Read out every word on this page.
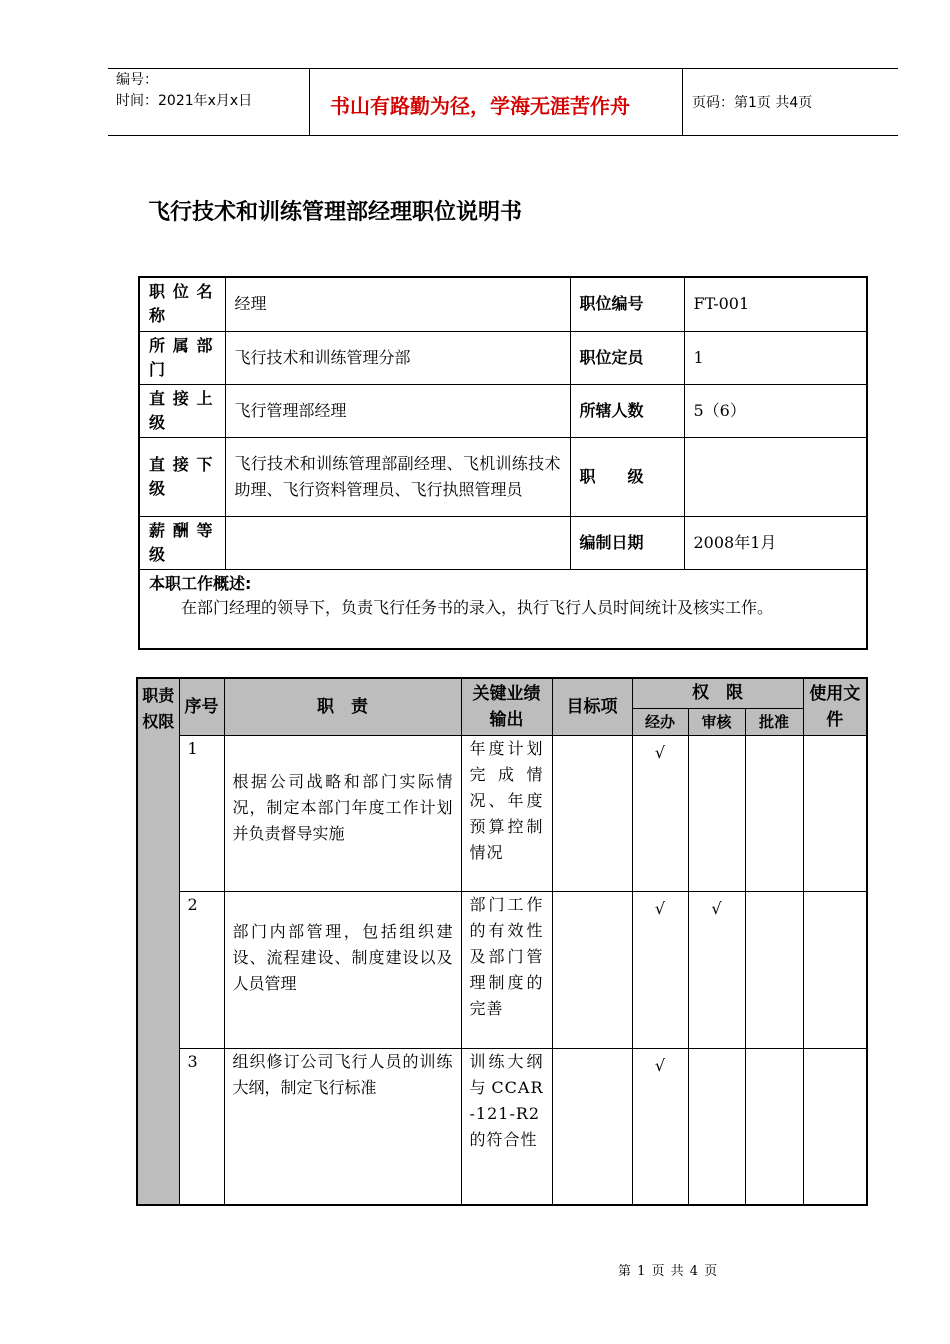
编号：
时间：2021年x月x日	书山有路勤为径，学海无涯苦作舟	页码：第1页 共4页
飞行技术和训练管理部经理职位说明书
职位名称	经理	职位编号	FT-001
所属部门	飞行技术和训练管理分部	职位定员	1
直接上级	飞行管理部经理	所辖人数	5（6）
直接下级	飞行技术和训练管理部副经理、飞机训练技术助理、飞行资料管理员、飞行执照管理员	职　　级	
薪酬等级		编制日期	2008年1月

本职工作概述:
在部门经理的领导下，负责飞行任务书的录入，执行飞行人员时间统计及核实工作。			
职责权限	序号	职　责	关键业绩输出	目标项	权　限			使用文件
					经办	审核	批准	
	1	根据公司战略和部门实际情况，制定本部门年度工作计划并负责督导实施	年度计划完成情况、年度预算控制情况		√			
	2	部门内部管理，包括组织建设、流程建设、制度建设以及人员管理	部门工作的有效性及部门管理制度的完善		√	√		
	3	组织修订公司飞行人员的训练大纲，制定飞行标准	训练大纲与CCAR-121-R2的符合性		√			
第 1 页 共 4 页
